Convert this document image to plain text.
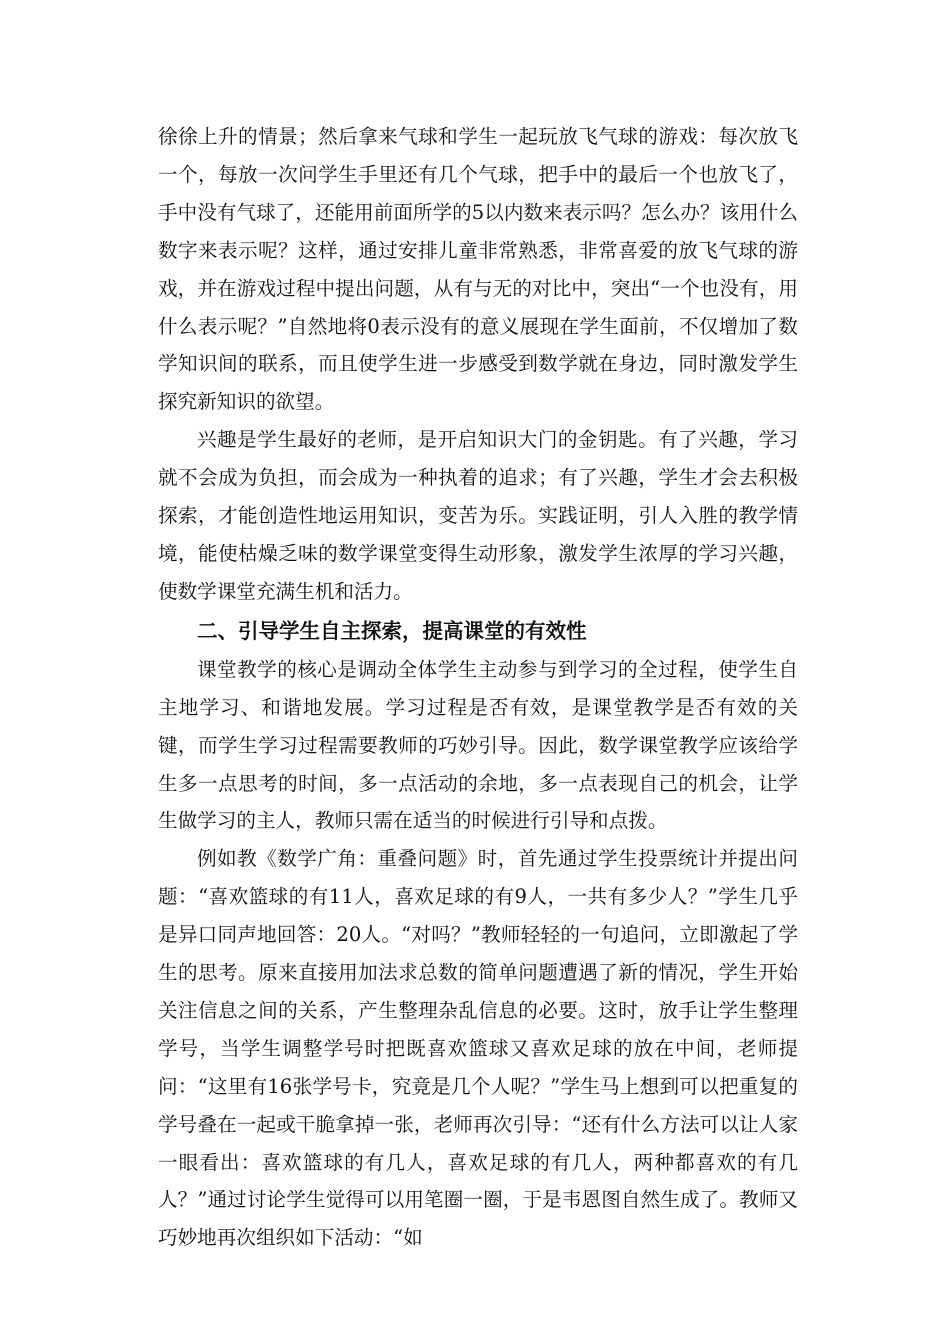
徐徐上升的情景；然后拿来气球和学生一起玩放飞气球的游戏：每次放飞一个，每放一次问学生手里还有几个气球，把手中的最后一个也放飞了，手中没有气球了，还能用前面所学的5以内数来表示吗？怎么办？该用什么数字来表示呢？这样，通过安排儿童非常熟悉，非常喜爱的放飞气球的游戏，并在游戏过程中提出问题，从有与无的对比中，突出“一个也没有，用什么表示呢？”自然地将0表示没有的意义展现在学生面前，不仅增加了数学知识间的联系，而且使学生进一步感受到数学就在身边，同时激发学生探究新知识的欲望。

兴趣是学生最好的老师，是开启知识大门的金钥匙。有了兴趣，学习就不会成为负担，而会成为一种执着的追求；有了兴趣，学生才会去积极探索，才能创造性地运用知识，变苦为乐。实践证明，引人入胜的教学情境，能使枯燥乏味的数学课堂变得生动形象，激发学生浓厚的学习兴趣，使数学课堂充满生机和活力。

二、引导学生自主探索，提高课堂的有效性

课堂教学的核心是调动全体学生主动参与到学习的全过程，使学生自主地学习、和谐地发展。学习过程是否有效，是课堂教学是否有效的关键，而学生学习过程需要教师的巧妙引导。因此，数学课堂教学应该给学生多一点思考的时间，多一点活动的余地，多一点表现自己的机会，让学生做学习的主人，教师只需在适当的时候进行引导和点拨。

例如教《数学广角：重叠问题》时，首先通过学生投票统计并提出问题：“喜欢篮球的有11人，喜欢足球的有9人，一共有多少人？”学生几乎是异口同声地回答：20人。“对吗？”教师轻轻的一句追问，立即激起了学生的思考。原来直接用加法求总数的简单问题遭遇了新的情况，学生开始关注信息之间的关系，产生整理杂乱信息的必要。这时，放手让学生整理学号，当学生调整学号时把既喜欢篮球又喜欢足球的放在中间，老师提问：“这里有16张学号卡，究竟是几个人呢？”学生马上想到可以把重复的学号叠在一起或干脆拿掉一张，老师再次引导：“还有什么方法可以让人家一眼看出：喜欢篮球的有几人，喜欢足球的有几人，两种都喜欢的有几人？”通过讨论学生觉得可以用笔圈一圈，于是韦恩图自然生成了。教师又巧妙地再次组织如下活动：“如
